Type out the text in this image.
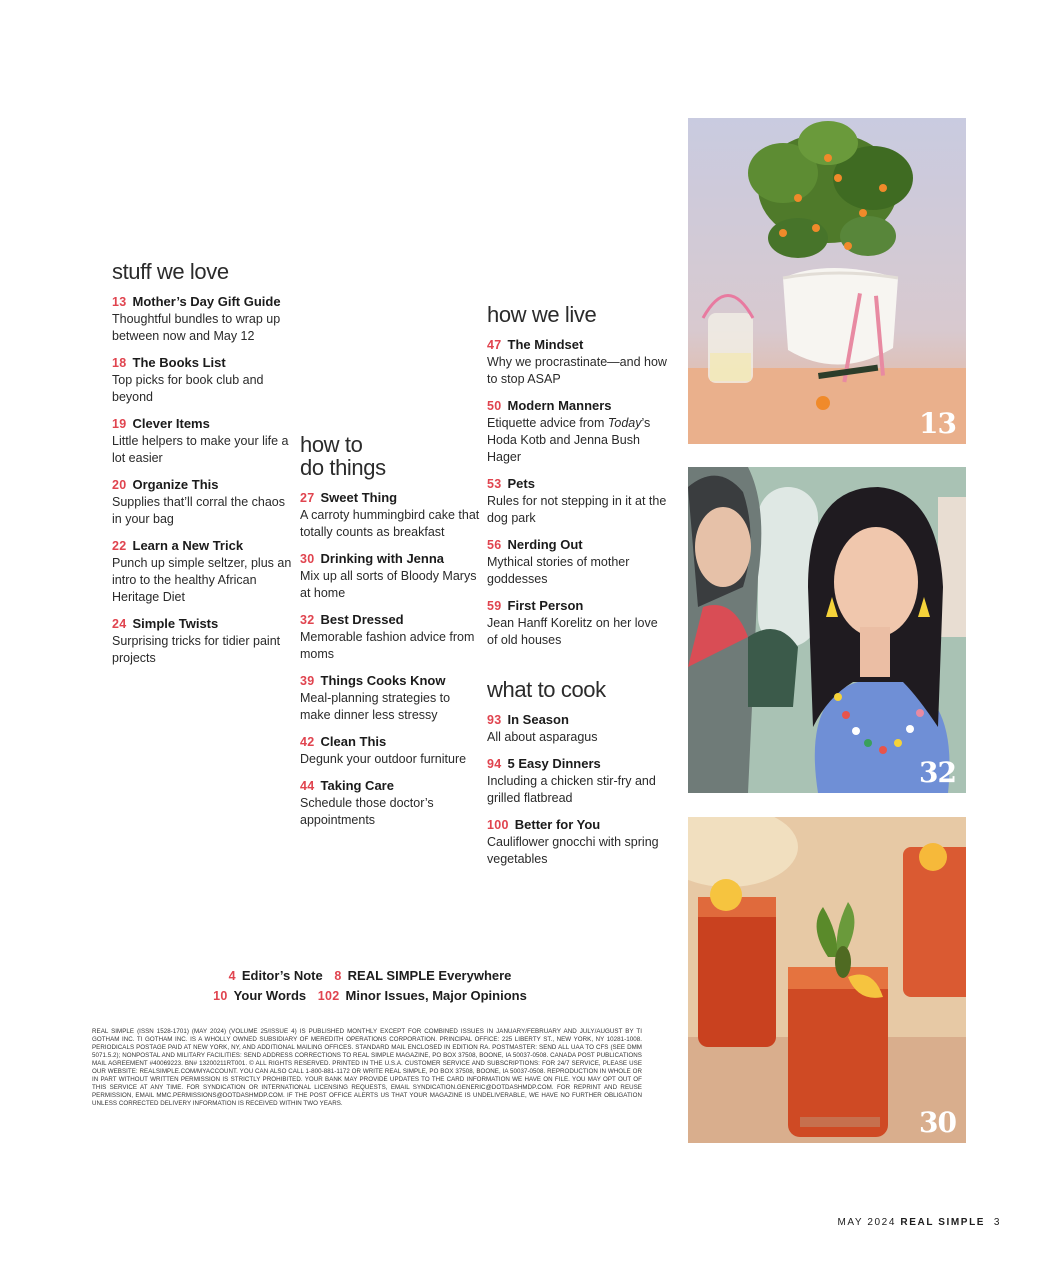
stuff we love
13 Mother’s Day Gift Guide
Thoughtful bundles to wrap up between now and May 12
18 The Books List
Top picks for book club and beyond
19 Clever Items
Little helpers to make your life a lot easier
20 Organize This
Supplies that’ll corral the chaos in your bag
22 Learn a New Trick
Punch up simple seltzer, plus an intro to the healthy African Heritage Diet
24 Simple Twists
Surprising tricks for tidier paint projects
how to
do things
27 Sweet Thing
A carroty hummingbird cake that totally counts as breakfast
30 Drinking with Jenna
Mix up all sorts of Bloody Marys at home
32 Best Dressed
Memorable fashion advice from moms
39 Things Cooks Know
Meal-planning strategies to make dinner less stressy
42 Clean This
Degunk your outdoor furniture
44 Taking Care
Schedule those doctor’s appointments
how we live
47 The Mindset
Why we procrastinate—and how to stop ASAP
50 Modern Manners
Etiquette advice from Today’s Hoda Kotb and Jenna Bush Hager
53 Pets
Rules for not stepping in it at the dog park
56 Nerding Out
Mythical stories of mother goddesses
59 First Person
Jean Hanff Korelitz on her love of old houses
what to cook
93 In Season
All about asparagus
94 5 Easy Dinners
Including a chicken stir-fry and grilled flatbread
100 Better for You
Cauliflower gnocchi with spring vegetables
4 Editor’s Note 8 REAL SIMPLE Everywhere
10 Your Words 102 Minor Issues, Major Opinions

REAL SIMPLE (ISSN 1528-1701) (MAY 2024) (VOLUME 25/ISSUE 4) IS PUBLISHED MONTHLY EXCEPT FOR COMBINED ISSUES IN JANUARY/FEBRUARY AND JULY/AUGUST BY TI GOTHAM INC. TI GOTHAM INC. IS A WHOLLY OWNED SUBSIDIARY OF MEREDITH OPERATIONS CORPORATION. PRINCIPAL OFFICE: 225 LIBERTY ST., NEW YORK, NY 10281-1008. PERIODICALS POSTAGE PAID AT NEW YORK, NY, AND ADDITIONAL MAILING OFFICES. STANDARD MAIL ENCLOSED IN EDITION RA. POSTMASTER: SEND ALL UAA TO CFS (SEE DMM 5071.5.2); NONPOSTAL AND MILITARY FACILITIES: SEND ADDRESS CORRECTIONS TO REAL SIMPLE MAGAZINE, PO BOX 37508, BOONE, IA 50037-0508. CANADA POST PUBLICATIONS MAIL AGREEMENT #40069223. BN# 13200211RT001. © ALL RIGHTS RESERVED. PRINTED IN THE U.S.A. CUSTOMER SERVICE AND SUBSCRIPTIONS: FOR 24/7 SERVICE, PLEASE USE OUR WEBSITE: REALSIMPLE.COM/MYACCOUNT. YOU CAN ALSO CALL 1-800-881-1172 OR WRITE REAL SIMPLE, PO BOX 37508, BOONE, IA 50037-0508. REPRODUCTION IN WHOLE OR IN PART WITHOUT WRITTEN PERMISSION IS STRICTLY PROHIBITED. YOUR BANK MAY PROVIDE UPDATES TO THE CARD INFORMATION WE HAVE ON FILE. YOU MAY OPT OUT OF THIS SERVICE AT ANY TIME. FOR SYNDICATION OR INTERNATIONAL LICENSING REQUESTS, EMAIL SYNDICATION.GENERIC@DOTDASHMDP.COM. FOR REPRINT AND REUSE PERMISSION, EMAIL MMC.PERMISSIONS@DOTDASHMDP.COM. IF THE POST OFFICE ALERTS US THAT YOUR MAGAZINE IS UNDELIVERABLE, WE HAVE NO FURTHER OBLIGATION UNLESS CORRECTED DELIVERY INFORMATION IS RECEIVED WITHIN TWO YEARS.

MAY 2024 REAL SIMPLE 3
13
32
30
